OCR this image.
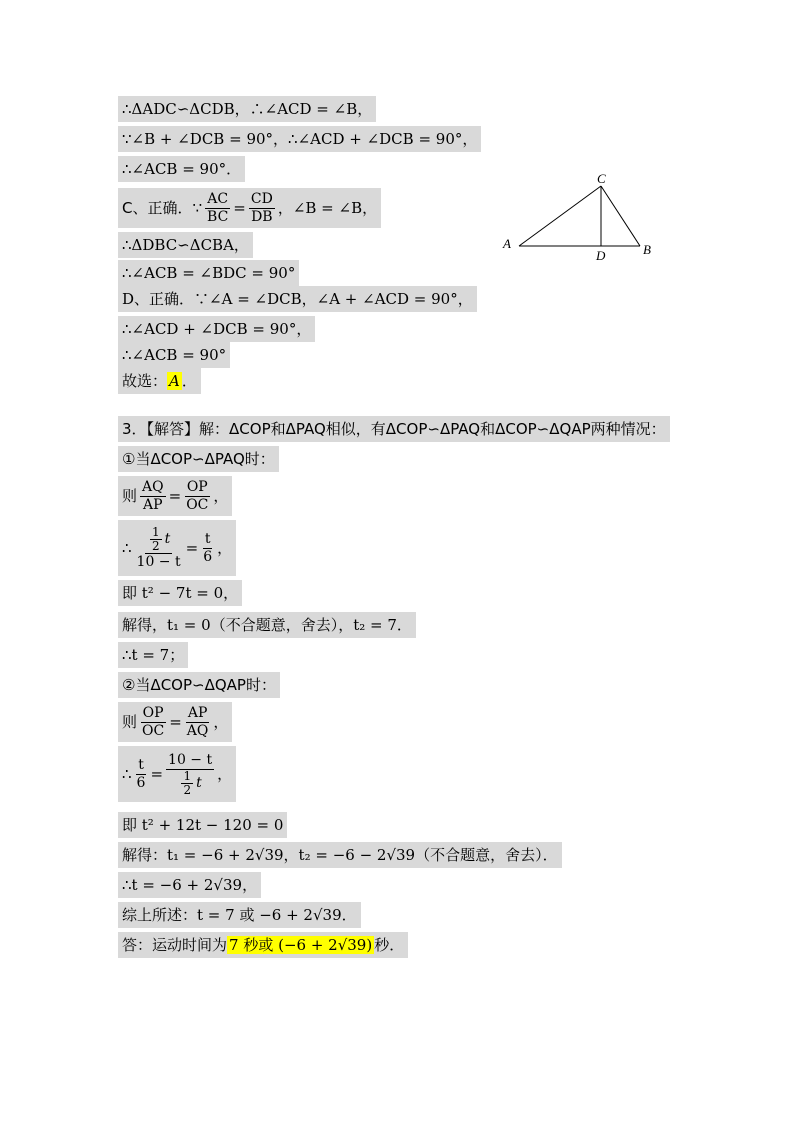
∴ΔADC∽ΔCDB，∴∠ACD = ∠B，
∵∠B + ∠DCB = 90°，∴∠ACD + ∠DCB = 90°，
∴∠ACB = 90°．
C、正确．∵ $\frac{AC}{BC} = \frac{CD}{DB}$ ，∠B = ∠B，
∴ΔDBC∽ΔCBA，
∴∠ACB = ∠BDC = 90°
D、正确．∵∠A = ∠DCB，∠A + ∠ACD = 90°，
∴∠ACD + ∠DCB = 90°，
∴∠ACB = 90°
故选： A ．
A	B
C
D
3．【解答】解：ΔCOP和ΔPAQ相似，有ΔCOP∽ΔPAQ和ΔCOP∽ΔQAP两种情况：
①当ΔCOP∽ΔPAQ时：
则 $\frac{AQ}{AP} = \frac{OP}{OC}$ ，
∴ $\frac{\frac{1}{2} t}{10 - t} = \frac{t}{6}$ ，
即 t² − 7t = 0，
解得，t₁ = 0（不合题意，舍去），t₂ = 7．
∴t = 7；
②当ΔCOP∽ΔQAP时：
则 $\frac{OP}{OC} = \frac{AP}{AQ}$ ，
∴ $\frac{t}{6} = \frac{10 - t}{\frac{1}{2} t}$ ，
即 t² + 12t − 120 = 0
解得：t₁ = −6 + 2√39，t₂ = −6 − 2√39（不合题意，舍去）．
∴t = −6 + 2√39，
综上所述：t = 7 或 −6 + 2√39．
答：运动时间为 7 秒或 (−6 + 2√39) 秒．
